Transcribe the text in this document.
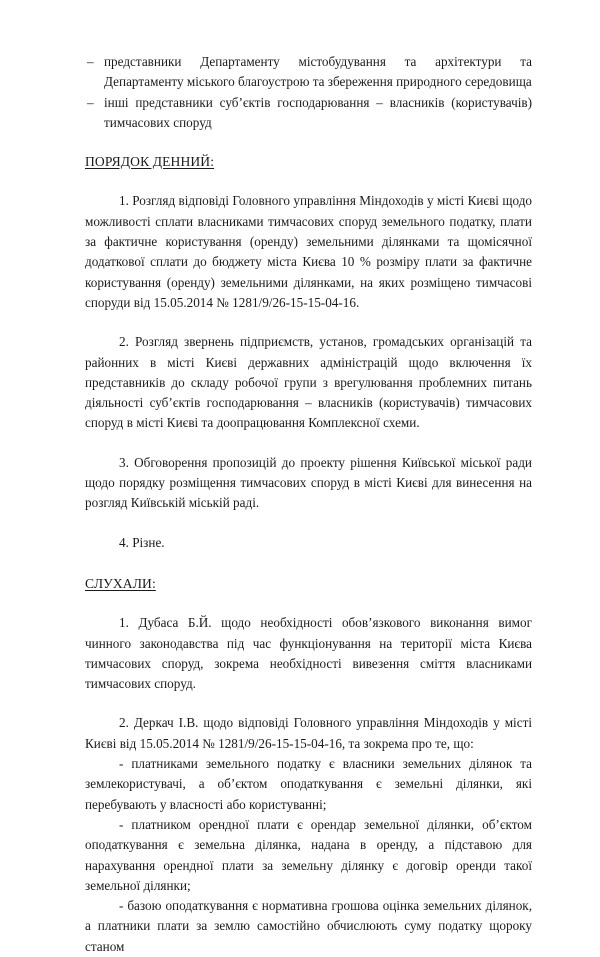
– представники Департаменту містобудування та архітектури та Департаменту міського благоустрою та збереження природного середовища
– інші представники суб’єктів господарювання – власників (користувачів) тимчасових споруд
ПОРЯДОК ДЕННИЙ:

1. Розгляд відповіді Головного управління Міндоходів у місті Києві щодо можливості сплати власниками тимчасових споруд земельного податку, плати за фактичне користування (оренду) земельними ділянками та щомісячної додаткової сплати до бюджету міста Києва 10 % розміру плати за фактичне користування (оренду) земельними ділянками, на яких розміщено тимчасові споруди від 15.05.2014 № 1281/9/26-15-15-04-16.

2. Розгляд звернень підприємств, установ, громадських організацій та районних в місті Києві державних адміністрацій щодо включення їх представників до складу робочої групи з врегулювання проблемних питань діяльності суб’єктів господарювання – власників (користувачів) тимчасових споруд в місті Києві та доопрацювання Комплексної схеми.

3. Обговорення пропозицій до проекту рішення Київської міської ради щодо порядку розміщення тимчасових споруд в місті Києві для винесення на розгляд Київській міській раді.

4. Різне.

СЛУХАЛИ:

1. Дубаса Б.Й. щодо необхідності обов’язкового виконання вимог чинного законодавства під час функціонування на території міста Києва тимчасових споруд, зокрема необхідності вивезення сміття власниками тимчасових споруд.

2. Деркач І.В. щодо відповіді Головного управління Міндоходів у місті Києві від 15.05.2014 № 1281/9/26-15-15-04-16, та зокрема про те, що:

- платниками земельного податку є власники земельних ділянок та землекористувачі, а об’єктом оподаткування є земельні ділянки, які перебувають у власності або користуванні;

- платником орендної плати є орендар земельної ділянки, об’єктом оподаткування є земельна ділянка, надана в оренду, а підставою для нарахування орендної плати за земельну ділянку є договір оренди такої земельної ділянки;

- базою оподаткування є нормативна грошова оцінка земельних ділянок, а платники плати за землю самостійно обчислюють суму податку щороку станом
